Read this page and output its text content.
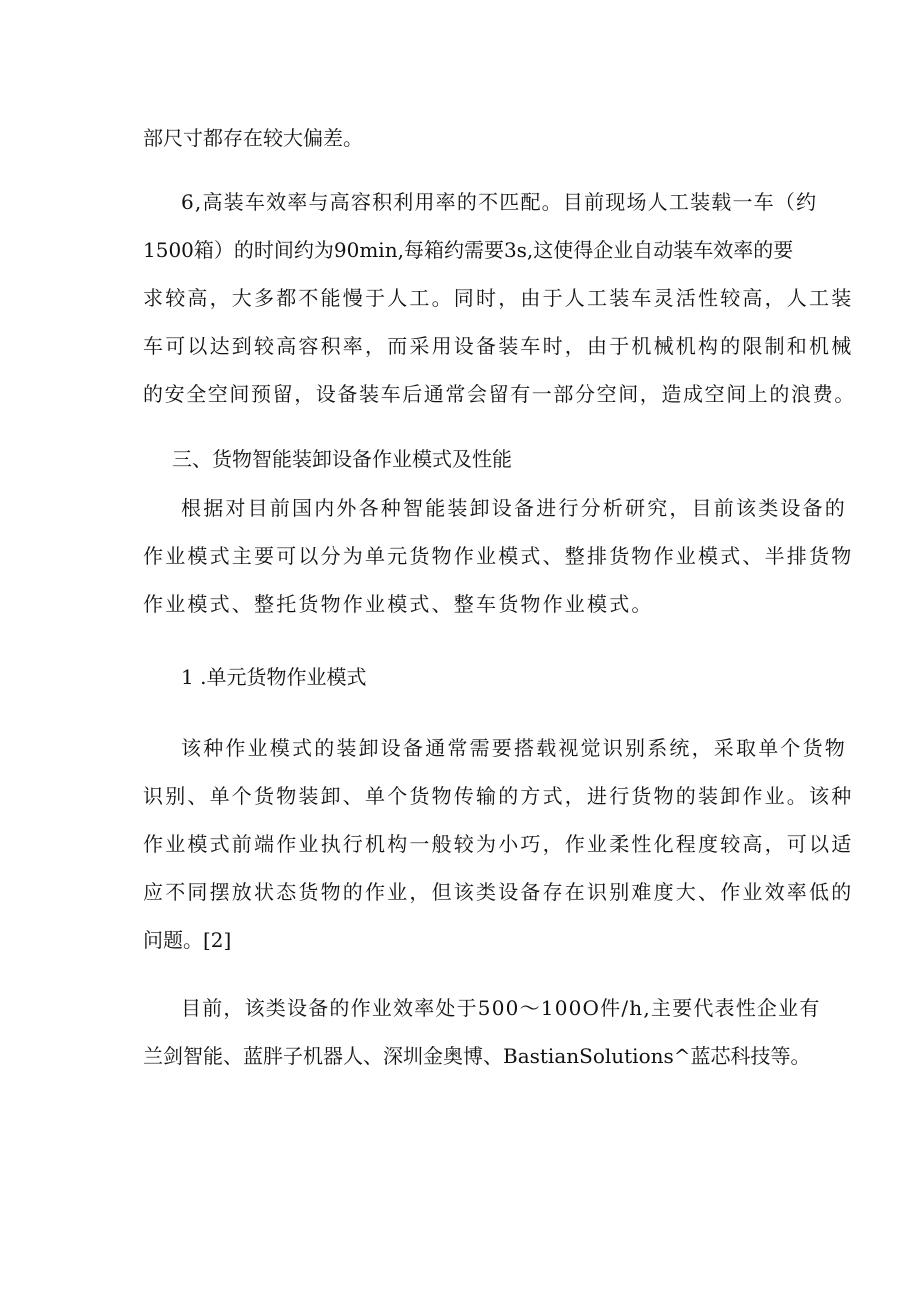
部尺寸都存在较大偏差。
6,高装车效率与高容积利用率的不匹配。目前现场人工装载一车（约
1500箱）的时间约为90min,每箱约需要3s,这使得企业自动装车效率的要
求较高，大多都不能慢于人工。同时，由于人工装车灵活性较高，人工装
车可以达到较高容积率，而采用设备装车时，由于机械机构的限制和机械
的安全空间预留，设备装车后通常会留有一部分空间，造成空间上的浪费。
三、货物智能装卸设备作业模式及性能
根据对目前国内外各种智能装卸设备进行分析研究，目前该类设备的
作业模式主要可以分为单元货物作业模式、整排货物作业模式、半排货物
作业模式、整托货物作业模式、整车货物作业模式。
1 .单元货物作业模式
该种作业模式的装卸设备通常需要搭载视觉识别系统，采取单个货物
识别、单个货物装卸、单个货物传输的方式，进行货物的装卸作业。该种
作业模式前端作业执行机构一般较为小巧，作业柔性化程度较高，可以适
应不同摆放状态货物的作业，但该类设备存在识别难度大、作业效率低的
问题。[2]
目前，该类设备的作业效率处于500～100O件/h,主要代表性企业有
兰剑智能、蓝胖子机器人、深圳金奥博、BastianSolutions^蓝芯科技等。
